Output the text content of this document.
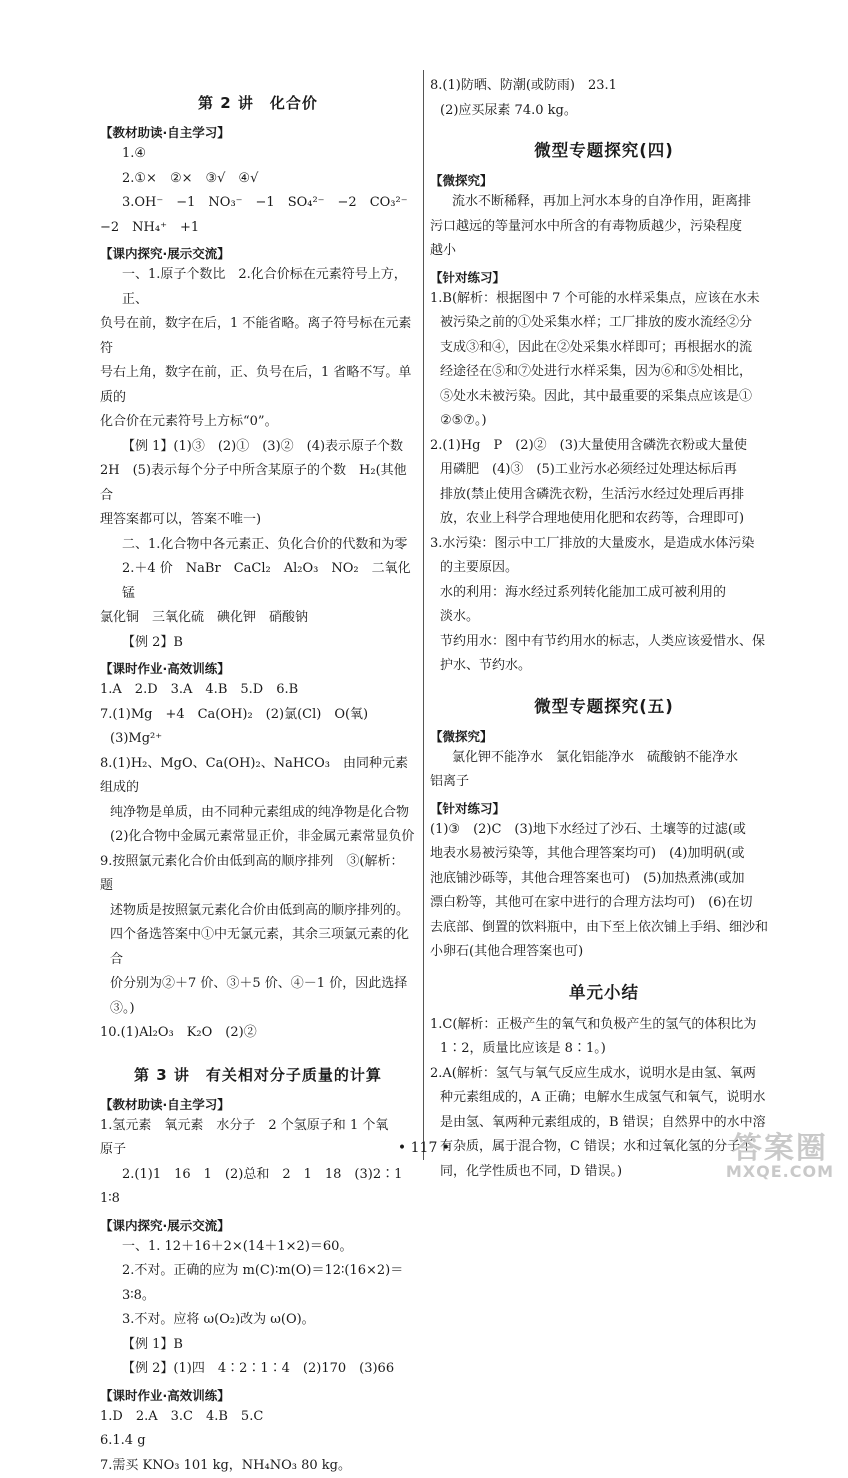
第 2 讲　化合价
【教材助读·自主学习】

1.④

2.①×　②×　③√　④√

3.OH⁻　−1　NO₃⁻　−1　SO₄²⁻　−2　CO₃²⁻

−2　NH₄⁺　+1

【课内探究·展示交流】

一、1.原子个数比　2.化合价标在元素符号上方，正、

负号在前，数字在后，1 不能省略。离子符号标在元素符

号右上角，数字在前，正、负号在后，1 省略不写。单质的

化合价在元素符号上方标“0”。

【例 1】(1)③　(2)①　(3)②　(4)表示原子个数

2H　(5)表示每个分子中所含某原子的个数　H₂(其他合

理答案都可以，答案不唯一)

二、1.化合物中各元素正、负化合价的代数和为零

2.＋4 价　NaBr　CaCl₂　Al₂O₃　NO₂　二氧化锰

氯化铜　三氧化硫　碘化钾　硝酸钠

【例 2】B

【课时作业·高效训练】

1.A　2.D　3.A　4.B　5.D　6.B

7.(1)Mg　+4　Ca(OH)₂　(2)氯(Cl)　O(氧)

(3)Mg²⁺

8.(1)H₂、MgO、Ca(OH)₂、NaHCO₃　由同种元素组成的

纯净物是单质，由不同种元素组成的纯净物是化合物

(2)化合物中金属元素常显正价，非金属元素常显负价

9.按照氯元素化合价由低到高的顺序排列　③(解析：题

述物质是按照氯元素化合价由低到高的顺序排列的。

四个备选答案中①中无氯元素，其余三项氯元素的化合

价分别为②＋7 价、③＋5 价、④－1 价，因此选择③。)

10.(1)Al₂O₃　K₂O　(2)②

第 3 讲　有关相对分子质量的计算
【教材助读·自主学习】

1.氢元素　氧元素　水分子　2 个氢原子和 1 个氧

原子

2.(1)1　16　1　(2)总和　2　1　18　(3)2∶1

1∶8

【课内探究·展示交流】

一、1. 12＋16＋2×(14＋1×2)＝60。

2.不对。正确的应为 m(C)∶m(O)＝12∶(16×2)＝3∶8。

3.不对。应将 ω(O₂)改为 ω(O)。

【例 1】B

【例 2】(1)四　4∶2∶1∶4　(2)170　(3)66

【课时作业·高效训练】

1.D　2.A　3.C　4.B　5.C

6.1.4 g

7.需买 KNO₃ 101 kg，NH₄NO₃ 80 kg。

8.(1)防晒、防潮(或防雨)　23.1

(2)应买尿素 74.0 kg。

微型专题探究(四)
【微探究】

流水不断稀释，再加上河水本身的自净作用，距离排

污口越远的等量河水中所含的有毒物质越少，污染程度

越小

【针对练习】

1.B(解析：根据图中 7 个可能的水样采集点，应该在水未

被污染之前的①处采集水样；工厂排放的废水流经②分

支成③和④，因此在②处采集水样即可；再根据水的流

经途径在⑤和⑦处进行水样采集，因为⑥和⑤处相比，

⑤处水未被污染。因此，其中最重要的采集点应该是①

②⑤⑦。)

2.(1)Hg　P　(2)②　(3)大量使用含磷洗衣粉或大量使

用磷肥　(4)③　(5)工业污水必须经过处理达标后再

排放(禁止使用含磷洗衣粉，生活污水经过处理后再排

放，农业上科学合理地使用化肥和农药等，合理即可)

3.水污染：图示中工厂排放的大量废水，是造成水体污染

的主要原因。

水的利用：海水经过系列转化能加工成可被利用的

淡水。

节约用水：图中有节约用水的标志，人类应该爱惜水、保

护水、节约水。

微型专题探究(五)
【微探究】

氯化钾不能净水　氯化铝能净水　硫酸钠不能净水

铝离子

【针对练习】

(1)③　(2)C　(3)地下水经过了沙石、土壤等的过滤(或

地表水易被污染等，其他合理答案均可)　(4)加明矾(或

池底铺沙砾等，其他合理答案也可)　(5)加热煮沸(或加

漂白粉等，其他可在家中进行的合理方法均可)　(6)在切

去底部、倒置的饮料瓶中，由下至上依次铺上手绢、细沙和

小卵石(其他合理答案也可)

单元小结

1.C(解析：正极产生的氧气和负极产生的氢气的体积比为

1∶2，质量比应该是 8∶1。)

2.A(解析：氢气与氧气反应生成水，说明水是由氢、氧两

种元素组成的，A 正确；电解水生成氢气和氧气，说明水

是由氢、氧两种元素组成的，B 错误；自然界中的水中溶

有杂质，属于混合物，C 错误；水和过氧化氢的分子不

同，化学性质也不同，D 错误。)

• 117 •	答案圈
MXQE.COM
